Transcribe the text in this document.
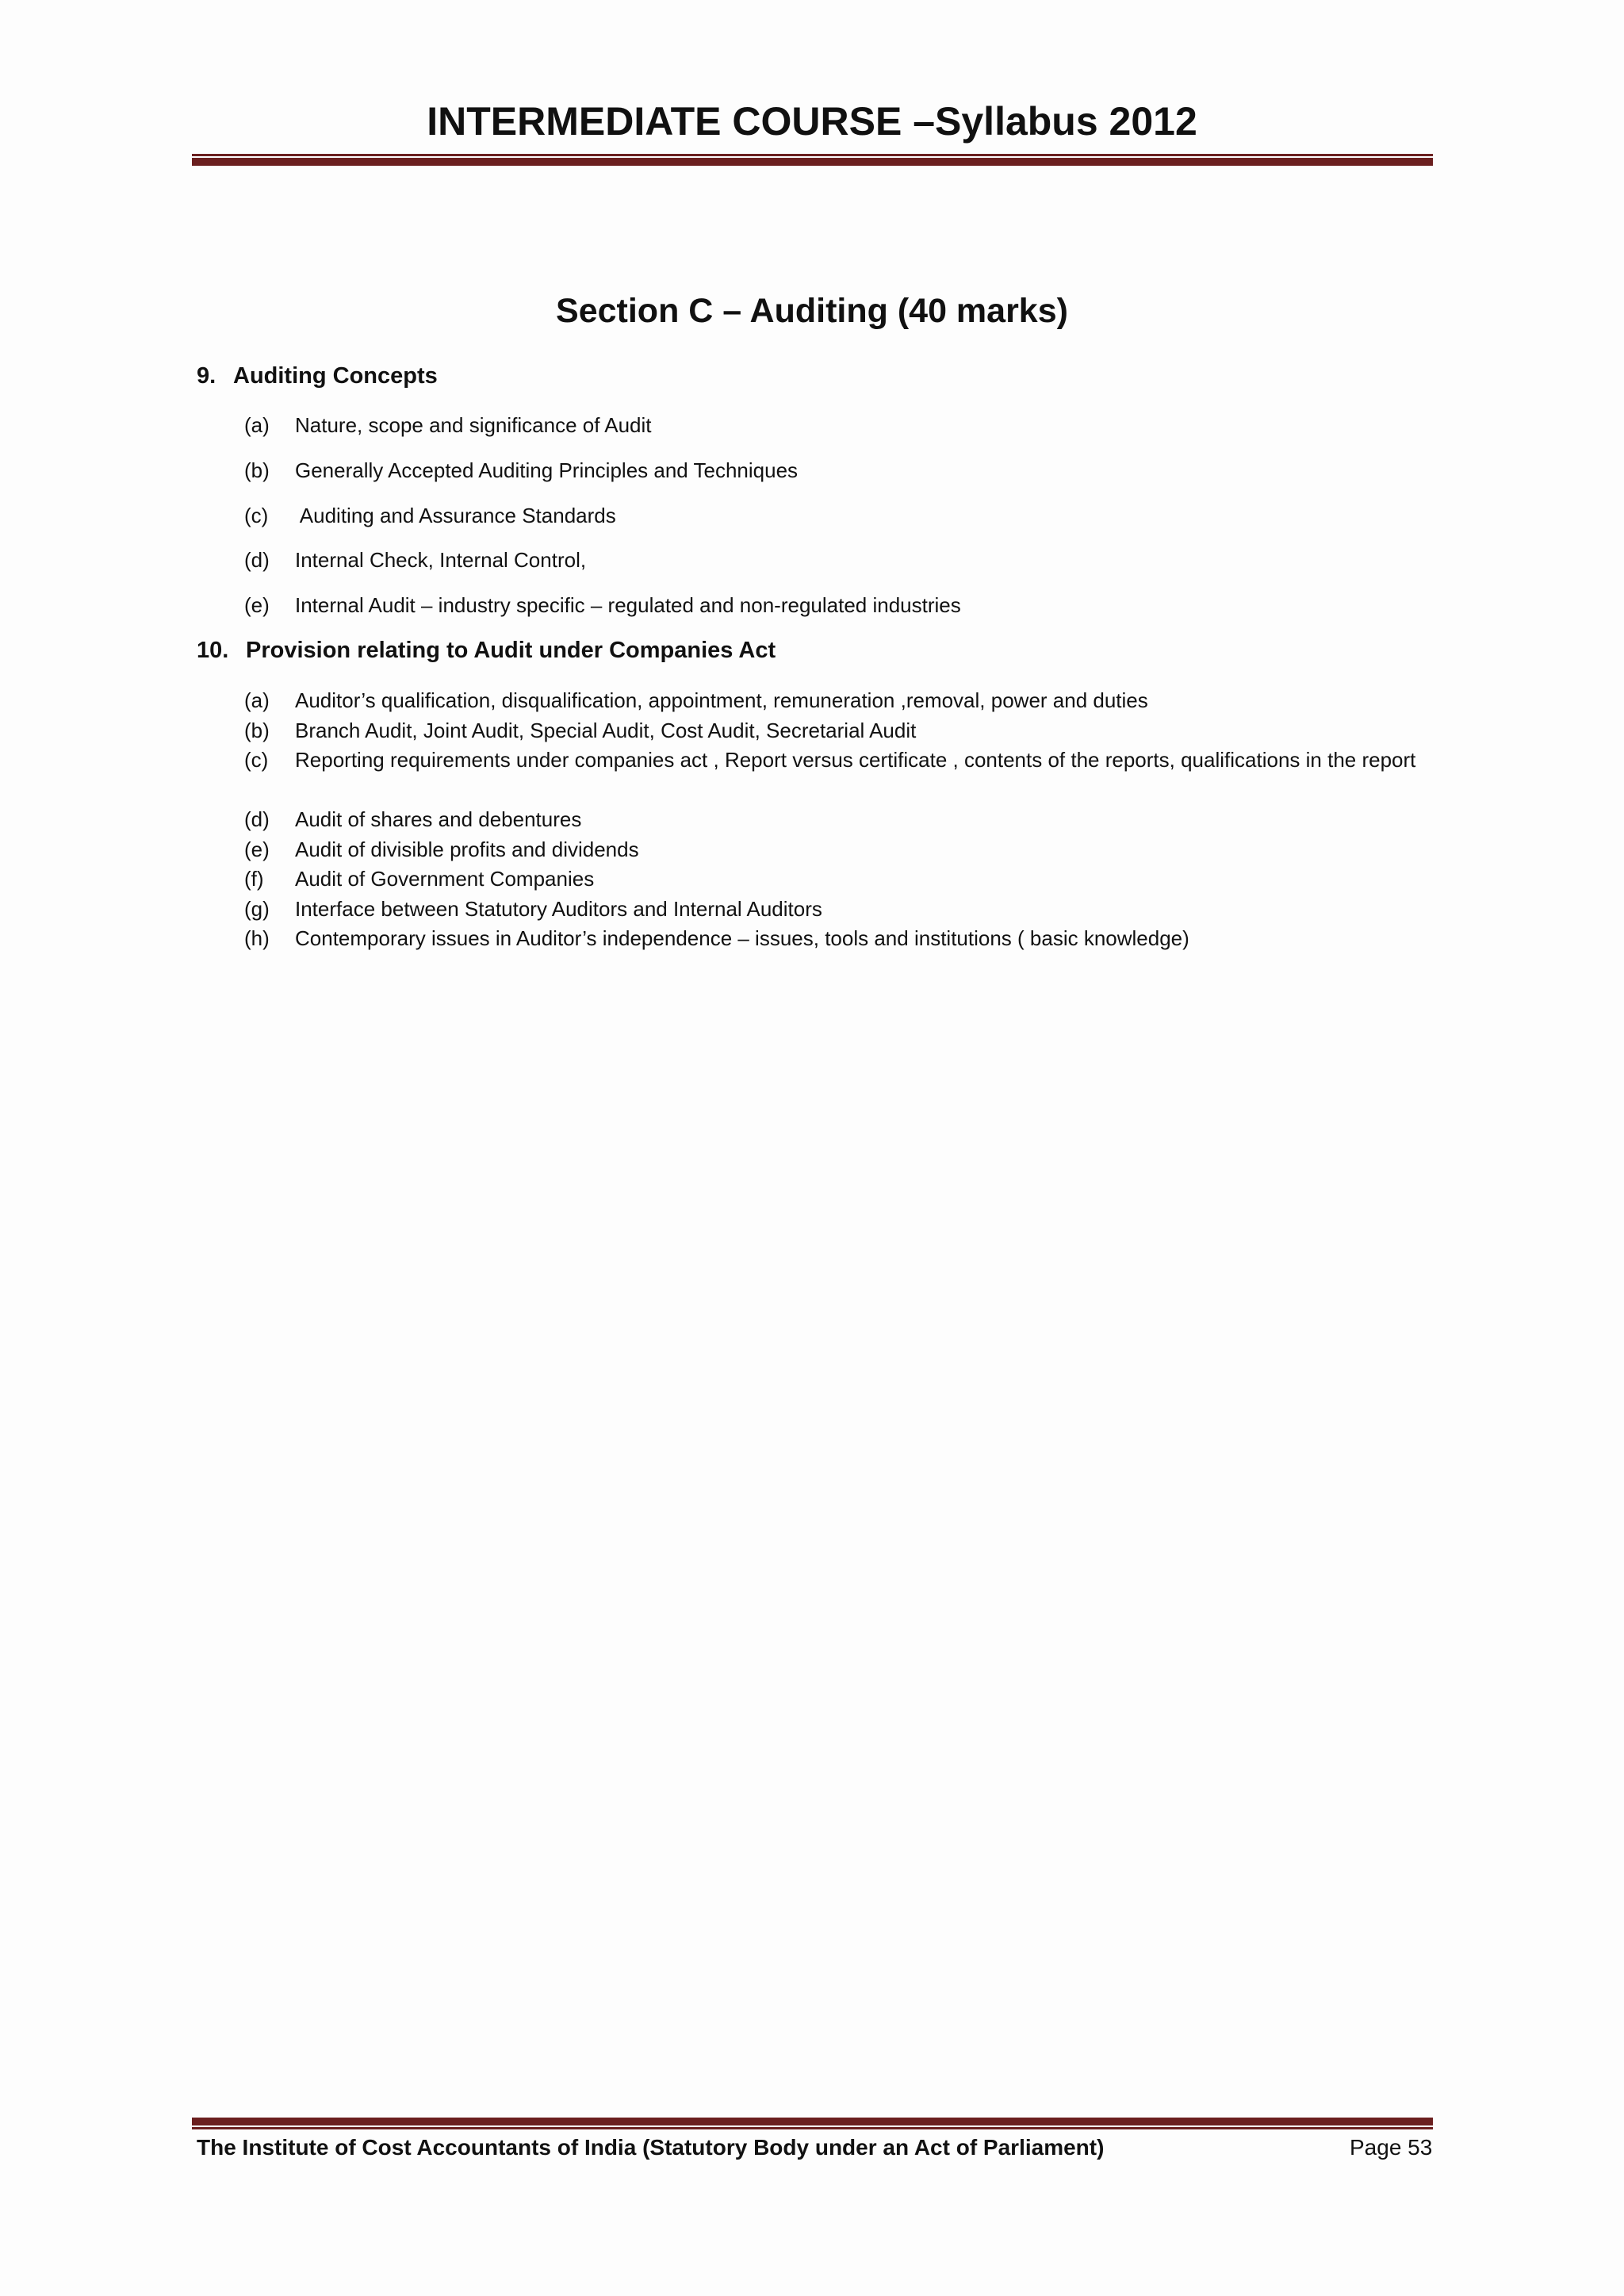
INTERMEDIATE COURSE –Syllabus 2012
Section C – Auditing (40 marks)
9. Auditing Concepts
(a) Nature, scope and significance of Audit
(b) Generally Accepted Auditing Principles and Techniques
(c) Auditing and Assurance Standards
(d) Internal Check, Internal Control,
(e) Internal Audit – industry specific – regulated and non-regulated industries
10. Provision relating to Audit under Companies Act
(a) Auditor’s qualification, disqualification, appointment, remuneration ,removal, power and duties
(b) Branch Audit, Joint Audit, Special Audit, Cost Audit, Secretarial Audit
(c) Reporting requirements under companies act , Report versus certificate , contents of the reports, qualifications in the report
(d) Audit of shares and debentures
(e) Audit of divisible profits and dividends
(f) Audit of Government Companies
(g) Interface between Statutory Auditors and Internal Auditors
(h) Contemporary issues in Auditor’s independence – issues, tools and institutions ( basic knowledge)
The Institute of Cost Accountants of India (Statutory Body under an Act of Parliament)	Page 53
